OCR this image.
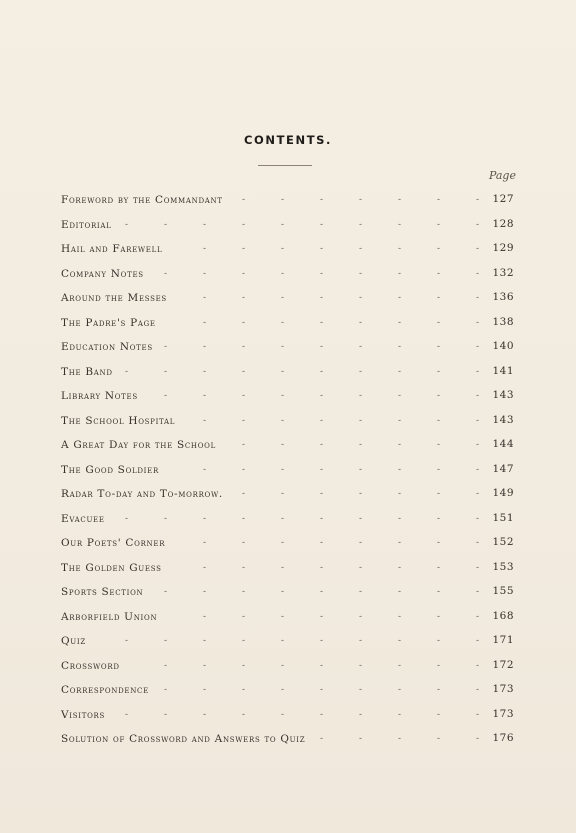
CONTENTS.
Page
Foreword by the Commandant -	-	-	-	-	-	-	127
Editorial -	-	-	-	-	-	-	-	-	-	128
Hail and Farewell	-	-	-	-	-	-	-	-	129
Company Notes -	-	-	-	-	-	-	-	-	132
Around the Messes	-	-	-	-	-	-	-	-	136
The Padre's Page	-	-	-	-	-	-	-	-	138
Education Notes -	-	-	-	-	-	-	-	-	140
The Band -	-	-	-	-	-	-	-	-	-	141
Library Notes	-	-	-	-	-	-	-	-	-	143
The School Hospital	-	-	-	-	-	-	-	-	143
A Great Day for the School	-	-	-	-	-	-	-	144
The Good Soldier	-	-	-	-	-	-	-	-	147
Radar To-day and To-morrow. -	-	-	-	-	-	-	149
Evacuee -	-	-	-	-	-	-	-	-	-	151
Our Poets' Corner	-	-	-	-	-	-	-	-	152
The Golden Guess	-	-	-	-	-	-	-	-	153
Sports Section -	-	-	-	-	-	-	-	-	155
Arborfield Union	-	-	-	-	-	-	-	-	168
Quiz	-	-	-	-	-	-	-	-	-	-	171
Crossword	-	-	-	-	-	-	-	-	-	172
Correspondence -	-	-	-	-	-	-	-	-	173
Visitors -	-	-	-	-	-	-	-	-	-	173
Solution of Crossword and Answers to Quiz -	-	-	-	-	176
